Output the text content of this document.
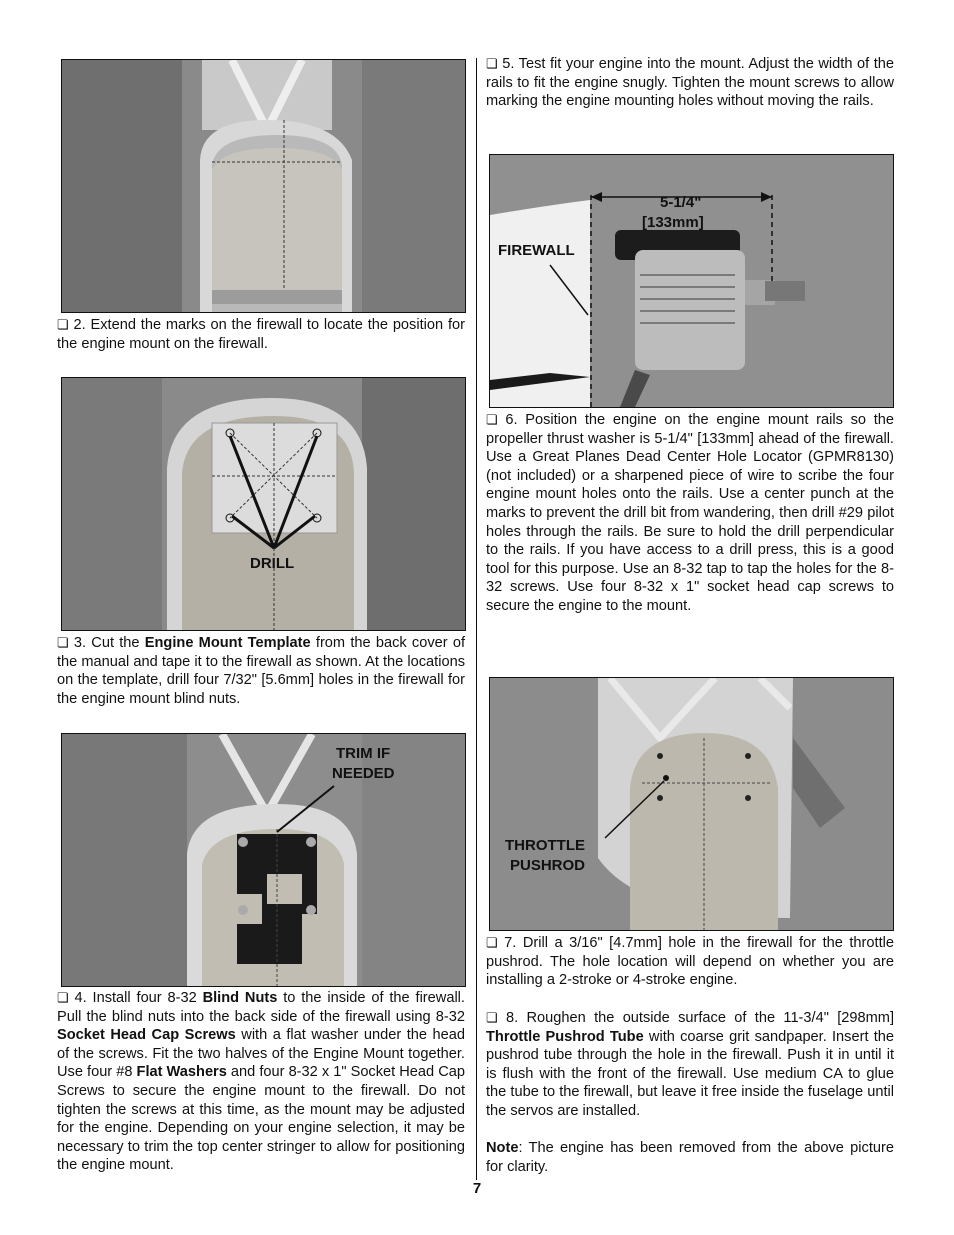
❏ 2. Extend the marks on the firewall to locate the position for the engine mount on the firewall.

DRILL

❏ 3. Cut the Engine Mount Template from the back cover of the manual and tape it to the firewall as shown. At the locations on the template, drill four 7/32" [5.6mm] holes in the firewall for the engine mount blind nuts.

TRIM IF
NEEDED

❏ 4. Install four 8-32 Blind Nuts to the inside of the firewall. Pull the blind nuts into the back side of the firewall using 8-32 Socket Head Cap Screws with a flat washer under the head of the screws. Fit the two halves of the Engine Mount together. Use four #8 Flat Washers and four 8-32 x 1" Socket Head Cap Screws to secure the engine mount to the firewall. Do not tighten the screws at this time, as the mount may be adjusted for the engine. Depending on your engine selection, it may be necessary to trim the top center stringer to allow for positioning the engine mount.

❏ 5. Test fit your engine into the mount. Adjust the width of the rails to fit the engine snugly. Tighten the mount screws to allow marking the engine mounting holes without moving the rails.

5-1/4"
[133mm]
FIREWALL

❏ 6. Position the engine on the engine mount rails so the propeller thrust washer is 5-1/4" [133mm] ahead of the firewall. Use a Great Planes Dead Center Hole Locator (GPMR8130) (not included) or a sharpened piece of wire to scribe the four engine mount holes onto the rails. Use a center punch at the marks to prevent the drill bit from wandering, then drill #29 pilot holes through the rails. Be sure to hold the drill perpendicular to the rails. If you have access to a drill press, this is a good tool for this purpose. Use an 8-32 tap to tap the holes for the 8-32 screws. Use four 8-32 x 1" socket head cap screws to secure the engine to the mount.

THROTTLE
PUSHROD

❏ 7. Drill a 3/16" [4.7mm] hole in the firewall for the throttle pushrod. The hole location will depend on whether you are installing a 2-stroke or 4-stroke engine.

❏ 8. Roughen the outside surface of the 11-3/4" [298mm] Throttle Pushrod Tube with coarse grit sandpaper. Insert the pushrod tube through the hole in the firewall. Push it in until it is flush with the front of the firewall. Use medium CA to glue the tube to the firewall, but leave it free inside the fuselage until the servos are installed.

Note: The engine has been removed from the above picture for clarity.

7
